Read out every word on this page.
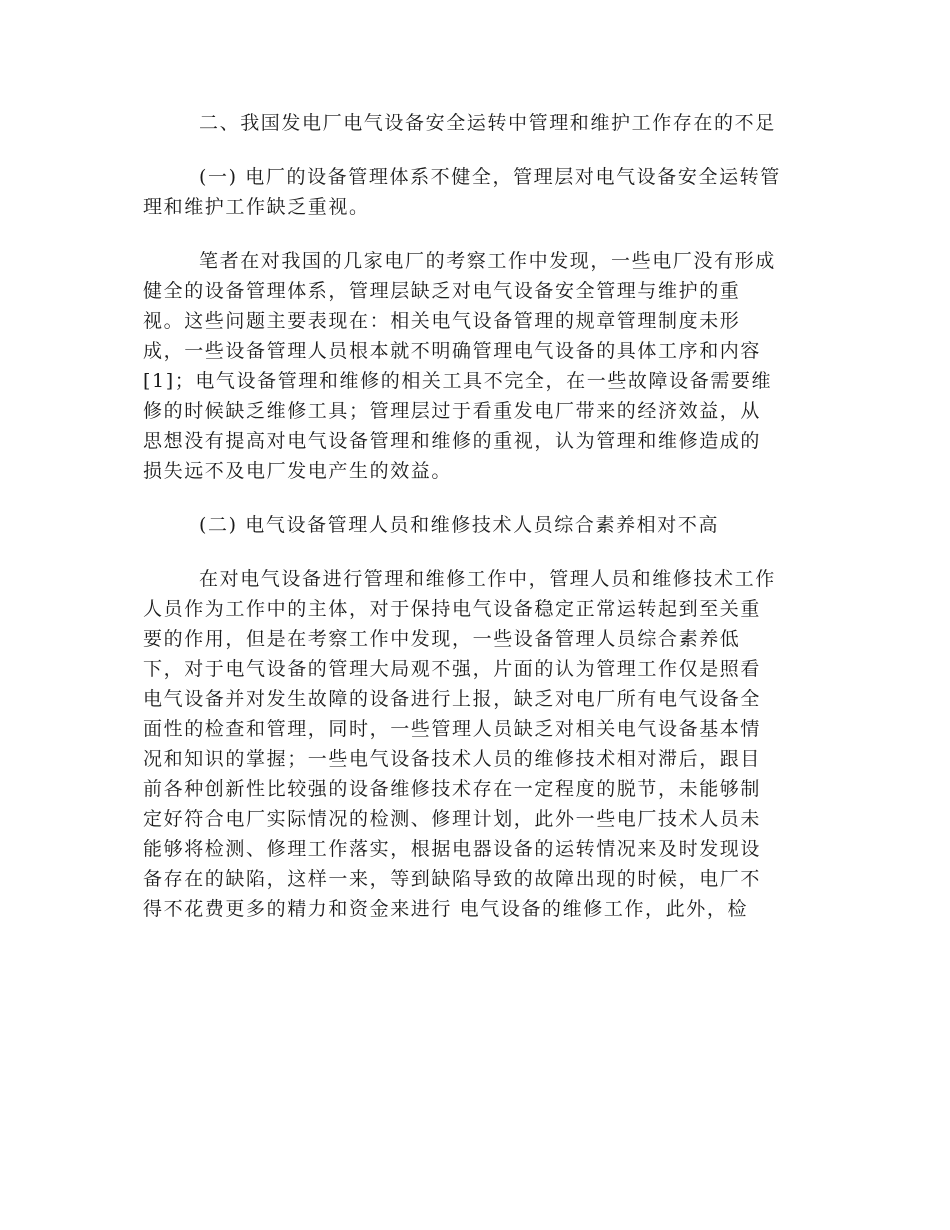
二、我国发电厂电气设备安全运转中管理和维护工作存在的不足
(一) 电厂的设备管理体系不健全，管理层对电气设备安全运转管
理和维护工作缺乏重视。
笔者在对我国的几家电厂的考察工作中发现，一些电厂没有形成
健全的设备管理体系，管理层缺乏对电气设备安全管理与维护的重
视。这些问题主要表现在：相关电气设备管理的规章管理制度未形
成，一些设备管理人员根本就不明确管理电气设备的具体工序和内容
[1]；电气设备管理和维修的相关工具不完全，在一些故障设备需要维
修的时候缺乏维修工具；管理层过于看重发电厂带来的经济效益，从
思想没有提高对电气设备管理和维修的重视，认为管理和维修造成的
损失远不及电厂发电产生的效益。
(二) 电气设备管理人员和维修技术人员综合素养相对不高
在对电气设备进行管理和维修工作中，管理人员和维修技术工作
人员作为工作中的主体，对于保持电气设备稳定正常运转起到至关重
要的作用，但是在考察工作中发现，一些设备管理人员综合素养低
下，对于电气设备的管理大局观不强，片面的认为管理工作仅是照看
电气设备并对发生故障的设备进行上报，缺乏对电厂所有电气设备全
面性的检查和管理，同时，一些管理人员缺乏对相关电气设备基本情
况和知识的掌握；一些电气设备技术人员的维修技术相对滞后，跟目
前各种创新性比较强的设备维修技术存在一定程度的脱节，未能够制
定好符合电厂实际情况的检测、修理计划，此外一些电厂技术人员未
能够将检测、修理工作落实，根据电器设备的运转情况来及时发现设
备存在的缺陷，这样一来，等到缺陷导致的故障出现的时候，电厂不
得不花费更多的精力和资金来进行 电气设备的维修工作，此外，检
